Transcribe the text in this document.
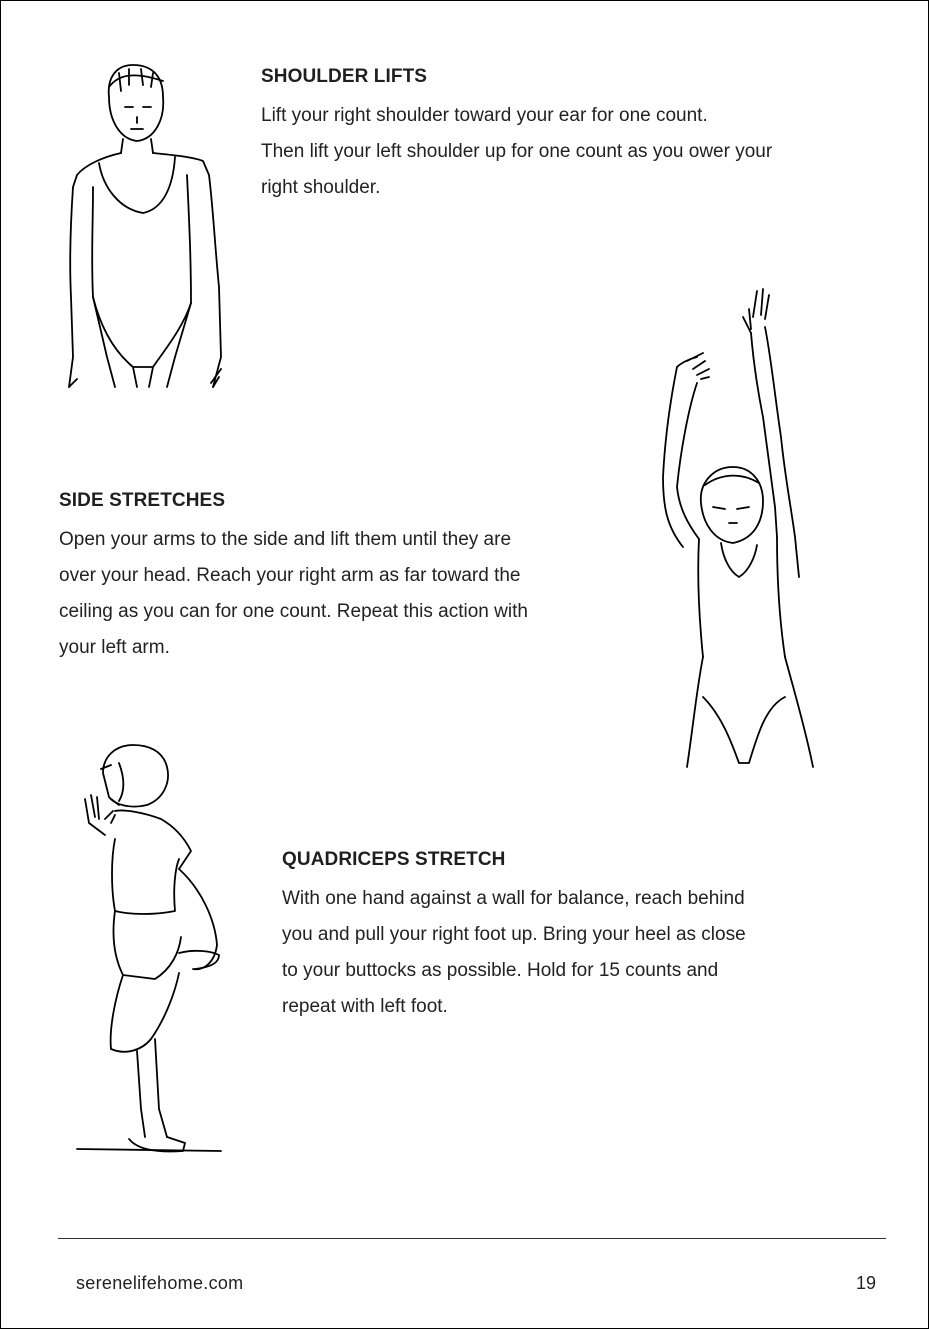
SHOULDER LIFTS

Lift your right shoulder toward your ear for one count.

Then lift your left shoulder up for one count as you ower your

right shoulder.

SIDE STRETCHES

Open your arms to the side and lift them until they are

over your head. Reach your right arm as far toward the

ceiling as you can for one count. Repeat this action with

your left arm.

QUADRICEPS STRETCH

With one hand against a wall for balance, reach behind

you and pull your right foot up. Bring your heel as close

to your buttocks as possible. Hold for 15 counts and

repeat with left foot.

serenelifehome.com	19
